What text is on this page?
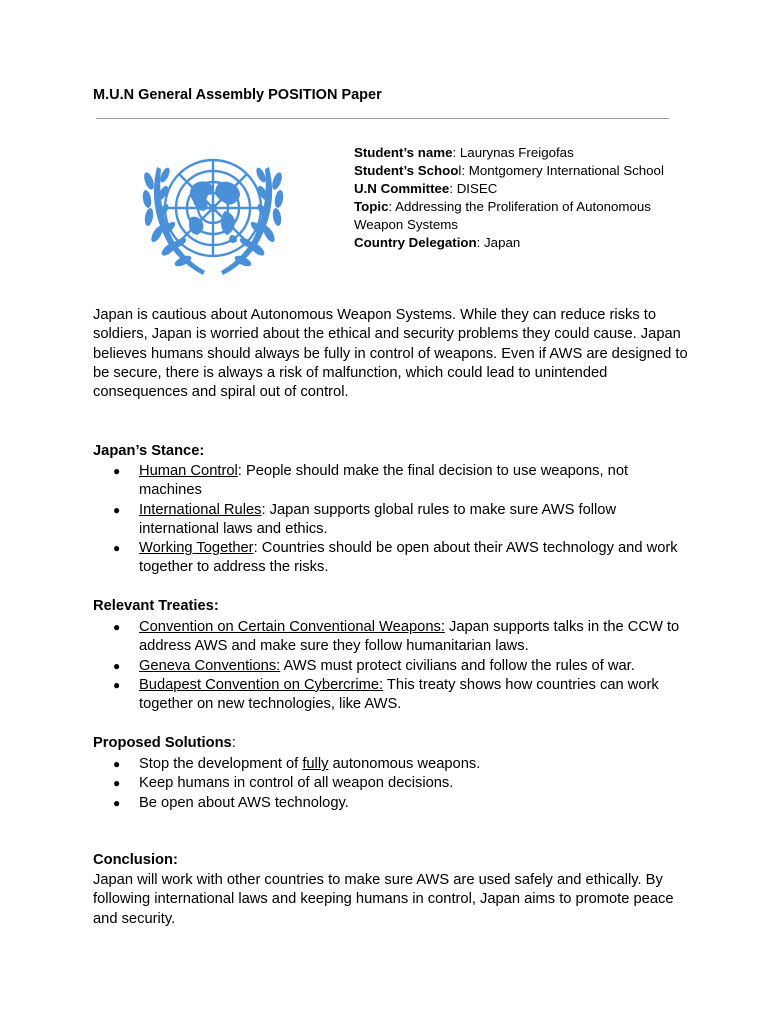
M.U.N General Assembly POSITION Paper

Student’s name: Laurynas Freigofas

Student’s School: Montgomery International School

U.N Committee: DISEC

Topic: Addressing the Proliferation of Autonomous Weapon Systems

Country Delegation: Japan

Japan is cautious about Autonomous Weapon Systems. While they can reduce risks to soldiers, Japan is worried about the ethical and security problems they could cause. Japan believes humans should always be fully in control of weapons. Even if AWS are designed to be secure, there is always a risk of malfunction, which could lead to unintended consequences and spiral out of control.

Japan’s Stance:
● Human Control: People should make the final decision to use weapons, not machines
● International Rules: Japan supports global rules to make sure AWS follow international laws and ethics.
● Working Together: Countries should be open about their AWS technology and work together to address the risks.
Relevant Treaties:
● Convention on Certain Conventional Weapons: Japan supports talks in the CCW to address AWS and make sure they follow humanitarian laws.
● Geneva Conventions: AWS must protect civilians and follow the rules of war.
● Budapest Convention on Cybercrime: This treaty shows how countries can work together on new technologies, like AWS.
Proposed Solutions:
● Stop the development of fully autonomous weapons.
● Keep humans in control of all weapon decisions.
● Be open about AWS technology.
Conclusion:

Japan will work with other countries to make sure AWS are used safely and ethically. By following international laws and keeping humans in control, Japan aims to promote peace and security.
